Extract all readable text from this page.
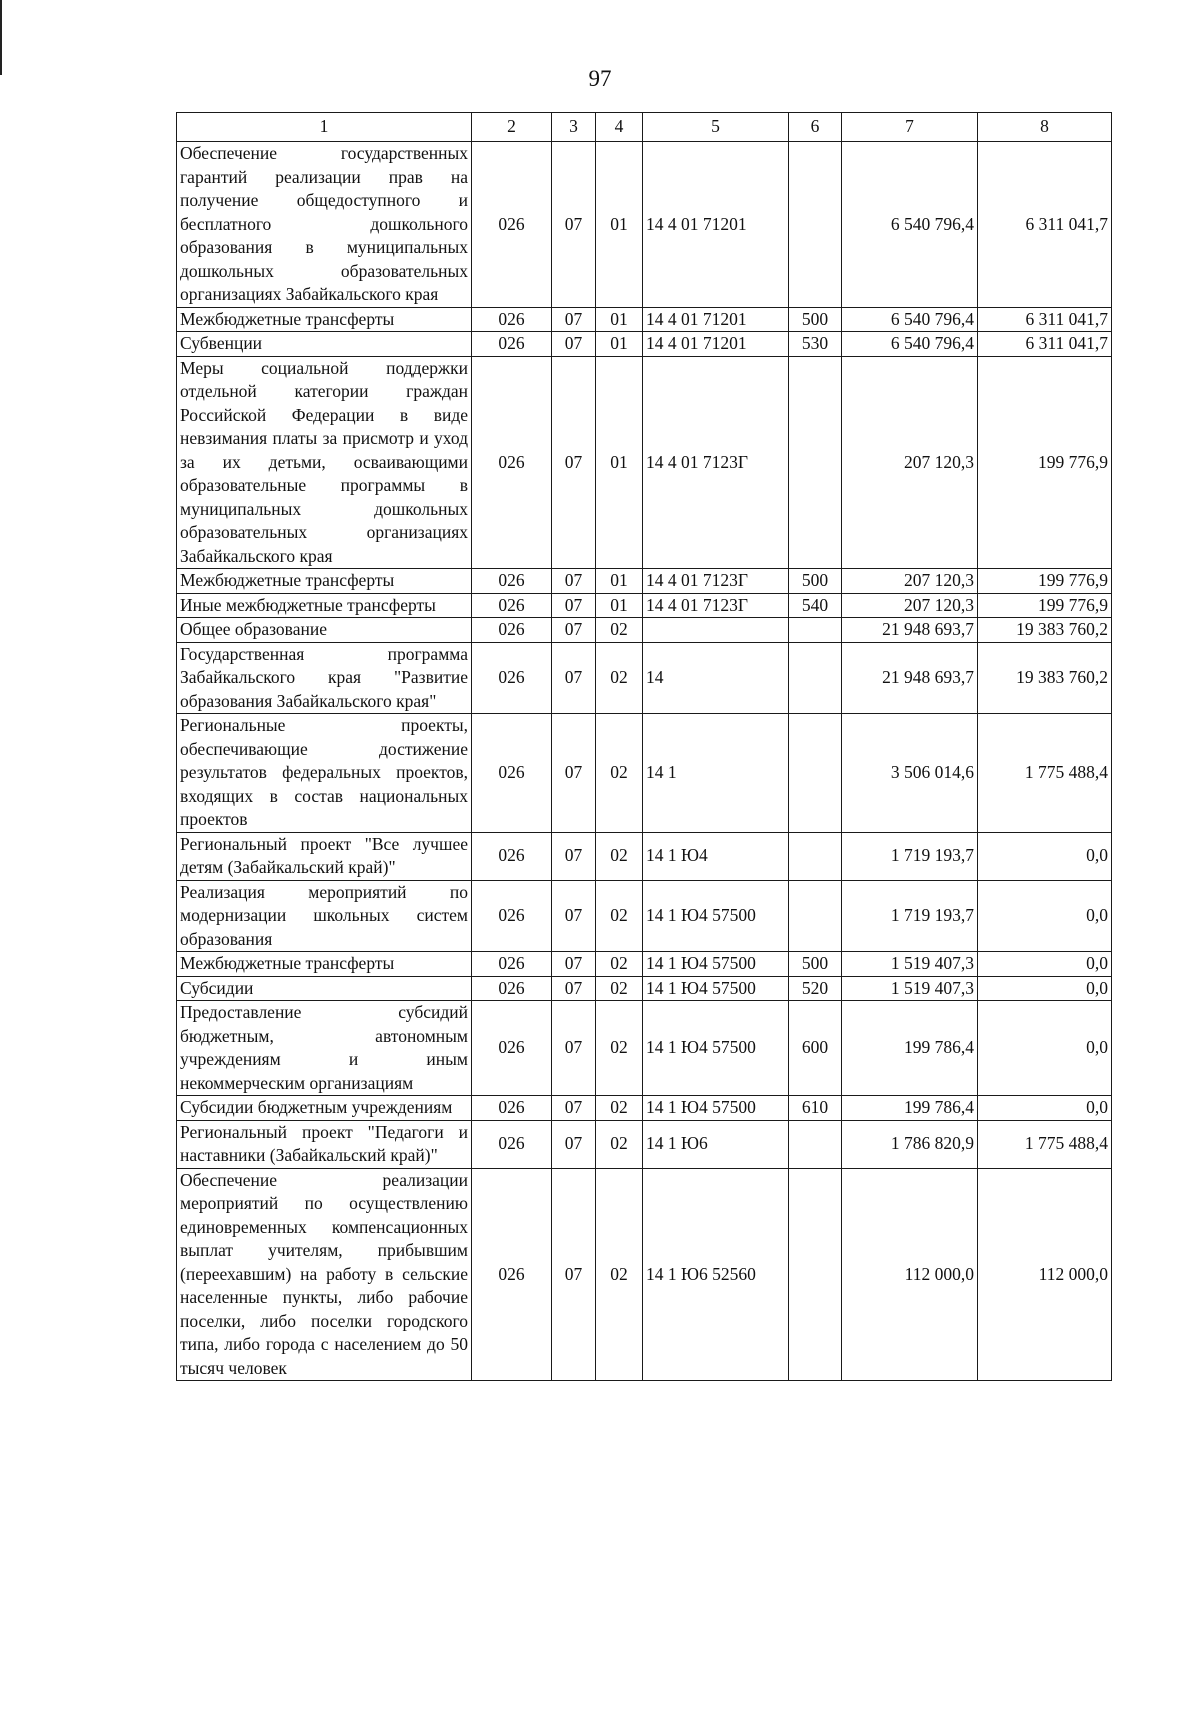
97
1	2	3	4	5	6	7	8
Обеспечение государственных гарантий реализации прав на получение общедоступного и бесплатного дошкольного образования в муниципальных дошкольных образовательных организациях Забайкальского края	026	07	01	14 4 01 71201		6 540 796,4	6 311 041,7
Межбюджетные трансферты	026	07	01	14 4 01 71201	500	6 540 796,4	6 311 041,7
Субвенции	026	07	01	14 4 01 71201	530	6 540 796,4	6 311 041,7
Меры социальной поддержки отдельной категории граждан Российской Федерации в виде невзимания платы за присмотр и уход за их детьми, осваивающими образовательные программы в муниципальных дошкольных образовательных организациях Забайкальского края	026	07	01	14 4 01 7123Г		207 120,3	199 776,9
Межбюджетные трансферты	026	07	01	14 4 01 7123Г	500	207 120,3	199 776,9
Иные межбюджетные трансферты	026	07	01	14 4 01 7123Г	540	207 120,3	199 776,9
Общее образование	026	07	02			21 948 693,7	19 383 760,2
Государственная программа Забайкальского края "Развитие образования Забайкальского края"	026	07	02	14		21 948 693,7	19 383 760,2
Региональные проекты, обеспечивающие достижение результатов федеральных проектов, входящих в состав национальных проектов	026	07	02	14 1		3 506 014,6	1 775 488,4
Региональный проект "Все лучшее детям (Забайкальский край)"	026	07	02	14 1 Ю4		1 719 193,7	0,0
Реализация мероприятий по модернизации школьных систем образования	026	07	02	14 1 Ю4 57500		1 719 193,7	0,0
Межбюджетные трансферты	026	07	02	14 1 Ю4 57500	500	1 519 407,3	0,0
Субсидии	026	07	02	14 1 Ю4 57500	520	1 519 407,3	0,0
Предоставление субсидий бюджетным, автономным учреждениям и иным некоммерческим организациям	026	07	02	14 1 Ю4 57500	600	199 786,4	0,0
Субсидии бюджетным учреждениям	026	07	02	14 1 Ю4 57500	610	199 786,4	0,0
Региональный проект "Педагоги и наставники (Забайкальский край)"	026	07	02	14 1 Ю6		1 786 820,9	1 775 488,4
Обеспечение реализации мероприятий по осуществлению единовременных компенсационных выплат учителям, прибывшим (переехавшим) на работу в сельские населенные пункты, либо рабочие поселки, либо поселки городского типа, либо города с населением до 50 тысяч человек	026	07	02	14 1 Ю6 52560		112 000,0	112 000,0
